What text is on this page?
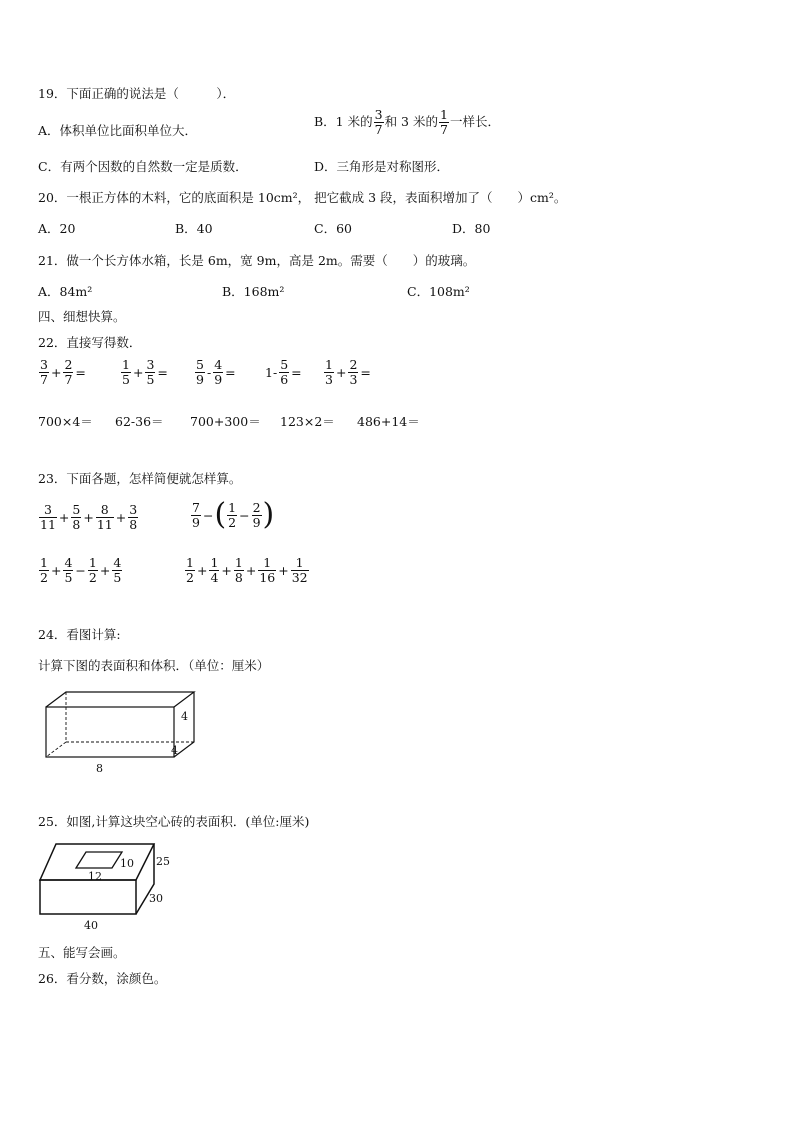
19．下面正确的说法是（　　　）．
A．体积单位比面积单位大．
B．1 米的 $\frac{3}{7}$ 和 3 米的 $\frac{1}{7}$ 一样长．
C．有两个因数的自然数一定是质数．	D．三角形是对称图形．
20．一根正方体的木料，它的底面积是 10cm²， 把它截成 3 段，表面积增加了（　　）cm²。
A．20	B．40	C．60	D．80
21．做一个长方体水箱，长是 6m，宽 9m，高是 2m。需要（　　）的玻璃。
A．84m²	B．168m²	C．108m²
四、细想快算。
22．直接写得数．
$\frac{3}{7} + \frac{2}{7}$ =	$\frac{1}{5} + \frac{3}{5} = \frac{5}{9} - \frac{4}{9} = 1- \frac{5}{6} = \frac{1}{3} + \frac{2}{3}$ =
700×4＝ 62-36＝ 700+300＝ 123×2＝ 486+14＝
23．下面各题，怎样简便就怎样算。
$\frac{3}{11} + \frac{5}{8} + \frac{8}{11} + \frac{3}{8}$	$\frac{7}{9}$ −( $\frac{1}{2} - \frac{2}{9}$ )
$\frac{1}{2} + \frac{4}{5} - \frac{1}{2} + \frac{4}{5}$	$\frac{1}{2} + \frac{1}{4} + \frac{1}{8} + \frac{1}{16} + \frac{1}{32}$
24．看图计算:
计算下图的表面积和体积．（单位：厘米）
4
4
8
25．如图,计算这块空心砖的表面积．(单位:厘米)
10
12
25
30
40
五、能写会画。
26．看分数，涂颜色。
